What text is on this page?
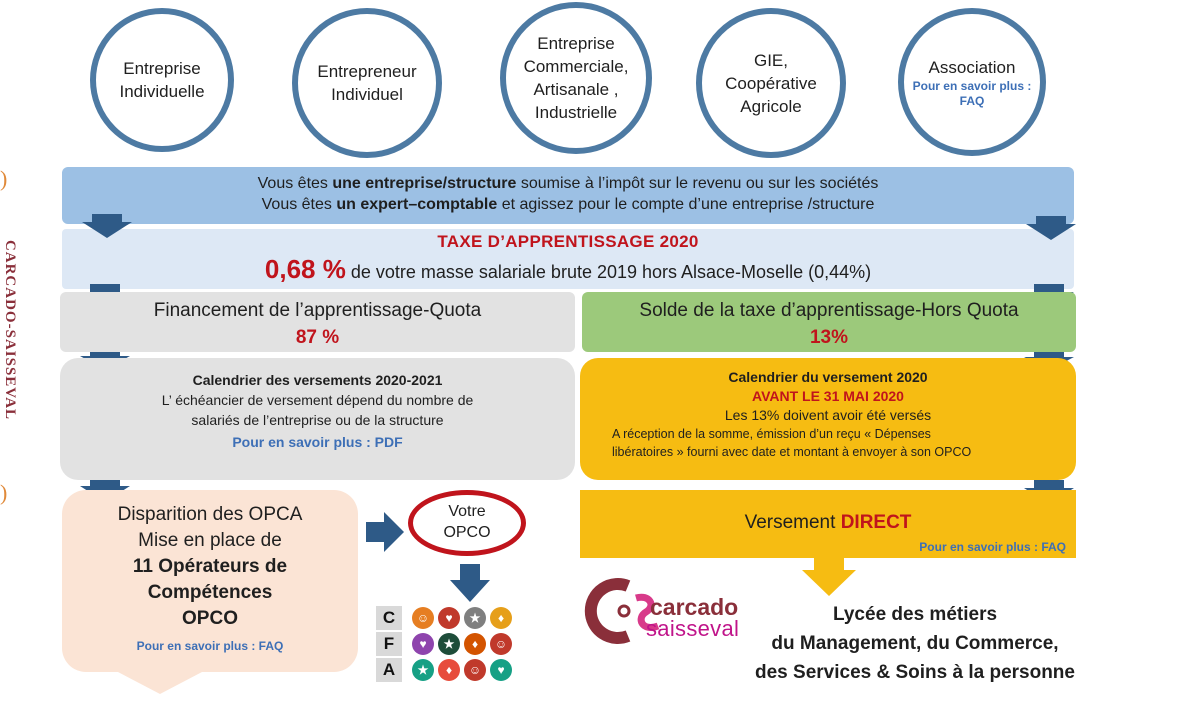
)
CARCADO-SAISSEVAL
)
Entreprise
Individuelle
Entrepreneur
Individuel
Entreprise
Commerciale,
Artisanale ,
Industrielle
GIE,
Coopérative
Agricole
Association
Pour en savoir plus : FAQ
Vous êtes une entreprise/structure soumise à l’impôt sur le revenu ou sur les sociétés
Vous êtes un expert–comptable et agissez pour le compte d’une entreprise /structure
TAXE D’APPRENTISSAGE 2020
0,68 % de votre masse salariale brute 2019 hors Alsace-Moselle (0,44%)
Financement de l’apprentissage-Quota
87 %
Solde de la taxe d’apprentissage-Hors Quota
13%
Calendrier des versements 2020-2021
L’ échéancier de versement dépend du nombre de
salariés de l’entreprise ou de la structure
Pour en savoir plus : PDF
Calendrier du versement 2020
AVANT LE 31 MAI 2020
Les 13% doivent avoir été versés
A réception de la somme, émission d’un reçu « Dépenses
libératoires » fourni avec date et montant à envoyer à son OPCO
Disparition des OPCA
Mise en place de
11 Opérateurs de
Compétences
OPCO
Pour en savoir plus : FAQ
Votre
OPCO
C
F
A
☺	♥	★	♦
♥	★	♦	☺
★	♦	☺	♥
Versement DIRECT
Pour en savoir plus : FAQ
carcado
saisseval
Lycée des métiers
du Management, du Commerce,
des Services & Soins à la personne
